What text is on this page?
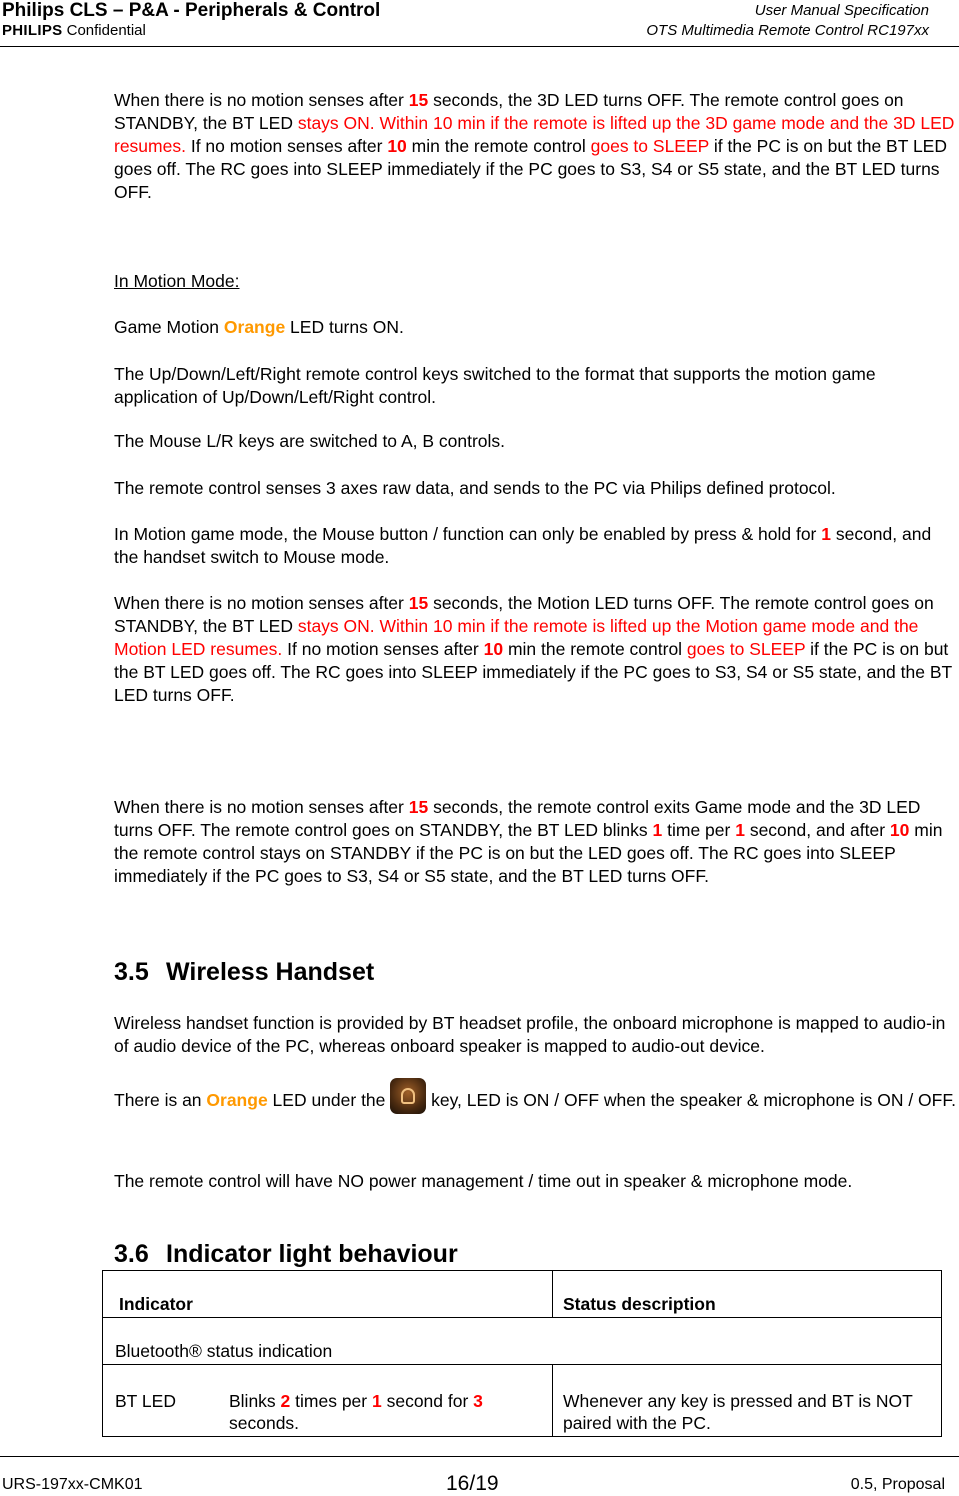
Philips CLS – P&A - Peripherals & Control
PHILIPS Confidential
User Manual Specification
OTS Multimedia Remote Control RC197xx
When there is no motion senses after 15 seconds, the 3D LED turns OFF. The remote control goes on STANDBY, the BT LED stays ON. Within 10 min if the remote is lifted up the 3D game mode and the 3D LED resumes. If no motion senses after 10 min the remote control goes to SLEEP if the PC is on but the BT LED goes off. The RC goes into SLEEP immediately if the PC goes to S3, S4 or S5 state, and the BT LED turns OFF.
In Motion Mode:
Game Motion Orange LED turns ON.
The Up/Down/Left/Right remote control keys switched to the format that supports the motion game application of Up/Down/Left/Right control.
The Mouse L/R keys are switched to A, B controls.
The remote control senses 3 axes raw data, and sends to the PC via Philips defined protocol.
In Motion game mode, the Mouse button / function can only be enabled by press & hold for 1 second, and the handset switch to Mouse mode.
When there is no motion senses after 15 seconds, the Motion LED turns OFF. The remote control goes on STANDBY, the BT LED stays ON. Within 10 min if the remote is lifted up the Motion game mode and the Motion LED resumes. If no motion senses after 10 min the remote control goes to SLEEP if the PC is on but the BT LED goes off. The RC goes into SLEEP immediately if the PC goes to S3, S4 or S5 state, and the BT LED turns OFF.
When there is no motion senses after 15 seconds, the remote control exits Game mode and the 3D LED turns OFF. The remote control goes on STANDBY, the BT LED blinks 1 time per 1 second, and after 10 min the remote control stays on STANDBY if the PC is on but the LED goes off. The RC goes into SLEEP immediately if the PC goes to S3, S4 or S5 state, and the BT LED turns OFF.
3.5 Wireless Handset
Wireless handset function is provided by BT headset profile, the onboard microphone is mapped to audio-in of audio device of the PC, whereas onboard speaker is mapped to audio-out device.
There is an Orange LED under the  key, LED is ON / OFF when the speaker & microphone is ON / OFF.
The remote control will have NO power management / time out in speaker & microphone mode.
3.6 Indicator light behaviour
Indicator	Status description
Bluetooth® status indication	
BT LED Blinks 2 times per 1 second for 3 seconds.	Whenever any key is pressed and BT is NOT paired with the PC.
URS-197xx-CMK01	16/19	0.5, Proposal
